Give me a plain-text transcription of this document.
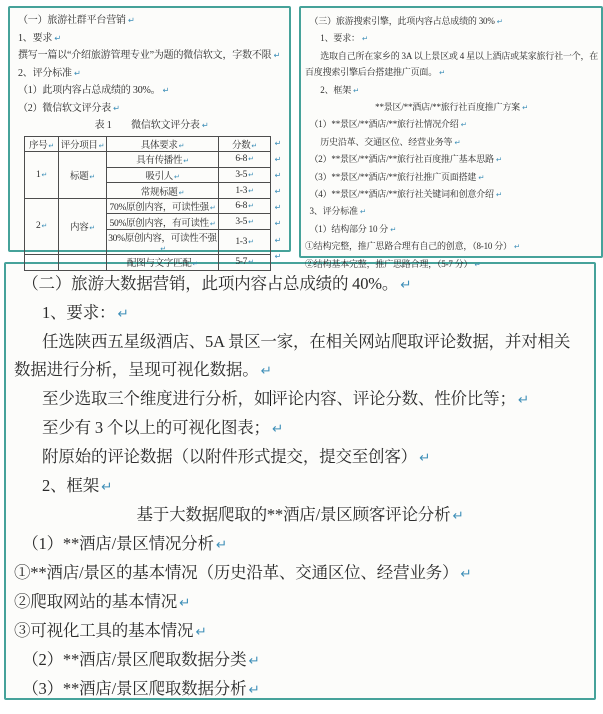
（一）旅游社群平台营销 ↵
1、要求 ↵
撰写一篇以“介绍旅游管理专业”为题的微信软文，字数不限 ↵
2、评分标准 ↵
（1）此项内容占总成绩的 30%。 ↵
（2）微信软文评分表 ↵
表 1　　微信软文评分表 ↵
序号↵	评分项目↵	具体要求↵	分数↵
1↵	标题↵	具有传播性↵	6-8↵
		吸引人↵	3-5↵
		常规标题↵	1-3↵
2↵	内容↵	70%原创内容，可读性强↵	6-8↵
		50%原创内容，有可读性↵	3-5↵
		30%原创内容，可读性不强↵	1-3↵
		配图与文字匹配↵	5-7↵
↵
↵
↵
↵
↵
↵
↵
↵
（三）旅游搜索引擎，此项内容占总成绩的 30% ↵
1、要求： ↵
选取自己所在家乡的 3A 以上景区或 4 星以上酒店或某家旅行社一个，在
百度搜索引擎后台搭建推广页面。 ↵
2、框架 ↵
**景区/**酒店/**旅行社百度推广方案 ↵
（1）**景区/**酒店/**旅行社情况介绍 ↵
历史沿革、交通区位、经营业务等 ↵
（2）**景区/**酒店/**旅行社百度推广基本思路 ↵
（3）**景区/**酒店/**旅行社推广页面搭建 ↵
（4）**景区/**酒店/**旅行社关键词和创意介绍 ↵
3、评分标准 ↵
（1）结构部分 10 分 ↵
①结构完整，推广思路合理有自己的创意，（8-10 分） ↵
②结构基本完整，推广思路合理，（5-7 分） ↵
（二）旅游大数据营销，此项内容占总成绩的 40%。 ↵
1、要求： ↵
任选陕西五星级酒店、5A 景区一家，在相关网站爬取评论数据，并对相关
数据进行分析，呈现可视化数据。 ↵
至少选取三个维度进行分析，如评论内容、评论分数、性价比等； ↵
至少有 3 个以上的可视化图表； ↵
附原始的评论数据（以附件形式提交，提交至创客） ↵
2、框架 ↵
基于大数据爬取的**酒店/景区顾客评论分析 ↵
（1）**酒店/景区情况分析 ↵
①**酒店/景区的基本情况（历史沿革、交通区位、经营业务） ↵
②爬取网站的基本情况 ↵
③可视化工具的基本情况 ↵
（2）**酒店/景区爬取数据分类 ↵
（3）**酒店/景区爬取数据分析 ↵
